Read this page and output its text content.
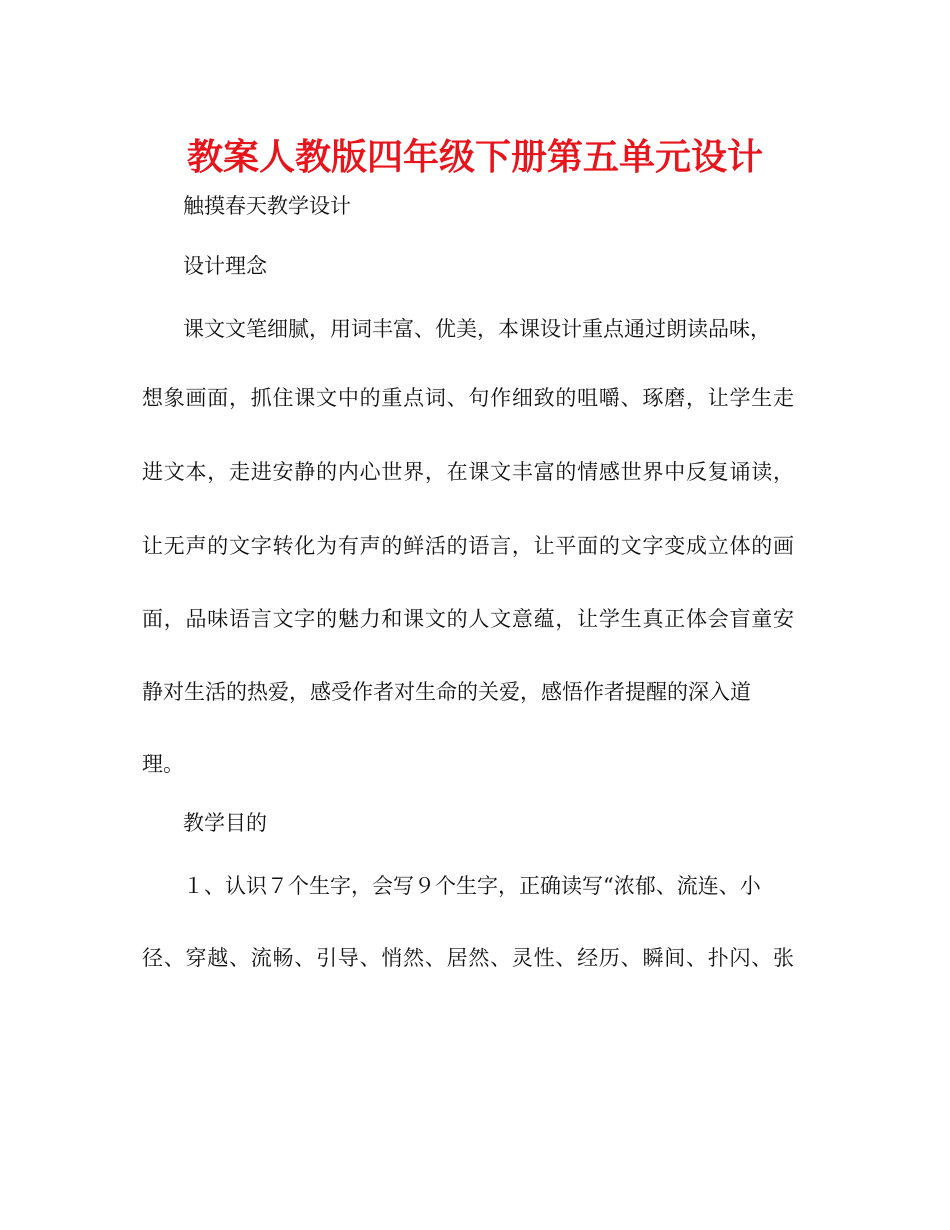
教案人教版四年级下册第五单元设计
触摸春天教学设计
设计理念
课文文笔细腻，用词丰富、优美，本课设计重点通过朗读品味，
想象画面，抓住课文中的重点词、句作细致的咀嚼、琢磨，让学生走
进文本，走进安静的内心世界，在课文丰富的情感世界中反复诵读，
让无声的文字转化为有声的鲜活的语言，让平面的文字变成立体的画
面，品味语言文字的魅力和课文的人文意蕴，让学生真正体会盲童安
静对生活的热爱，感受作者对生命的关爱，感悟作者提醒的深入道
理。
教学目的
１、认识７个生字，会写９个生字，正确读写“浓郁、流连、小
径、穿越、流畅、引导、悄然、居然、灵性、经历、瞬间、扑闪、张
